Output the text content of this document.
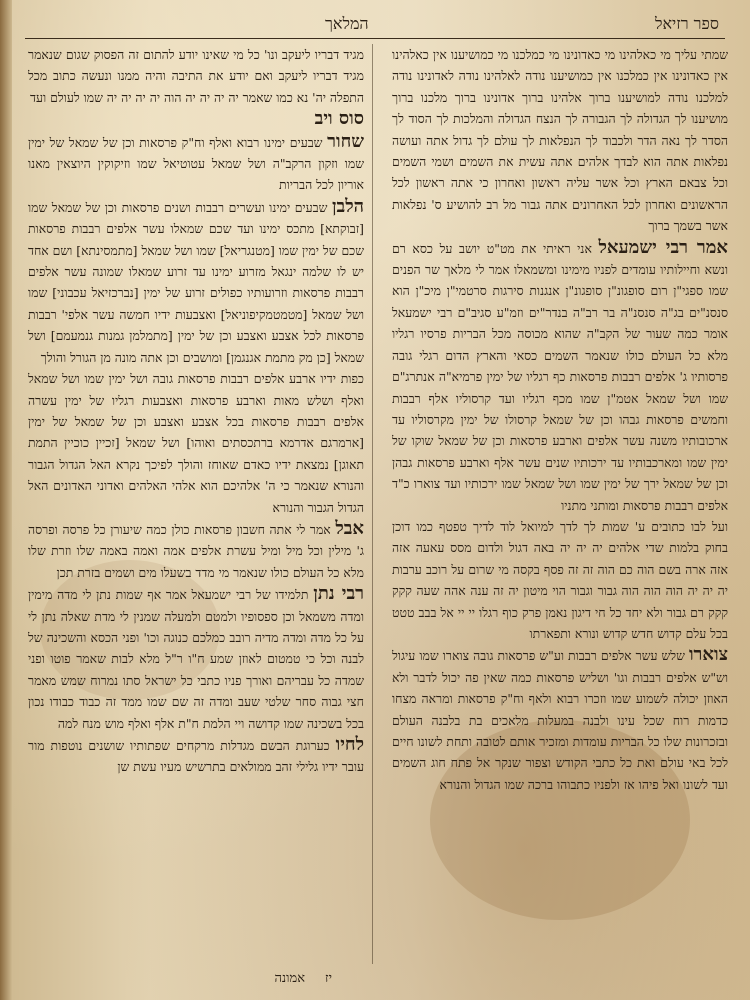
ספר רזיאל
המלאך
שמתי עליך מי כאלהינו מי כאדונינו מי כמלכנו מי כמושיענו אין כאלהינו אין כאדונינו אין כמלכנו אין כמושיענו נודה לאלהינו נודה לאדונינו נודה למלכנו נודה למושיענו ברוך אלהינו ברוך אדונינו ברוך מלכנו ברוך מושיענו לך הגדולה לך הגבורה לך הנצח הגדולה והמלכות לך הסוד לך הסדר לך נאה הדר ולכבוד לך הנפלאות לך עולם לך גדול אתה ועושה נפלאות אתה הוא לבדך אלהים אתה עשית את השמים ושמי השמים וכל צבאם הארץ וכל אשר עליה ראשון ואחרון כי אתה ראשון לכל הראשונים ואחרון לכל האחרונים אתה גבור מל רב להושיע ס' נפלאות אשר בשמך ברוך
אמר רבי ישמעאל אני ראיתי את מט"ט יושב על כסא רם ונשא וחיילותיו עומדים לפניו מימינו ומשמאלו אמר לי מלאך שר הפנים שמו ספגי"ן רום סופגונ"ן סופגונ"ן אנגנות סירגות סרטמי"ן מיכ"ן הוא סנסנ"ים בג"ה סנסנ"ה בר רב"ה בנדר"ים וזמ"ע סגיב"ם רבי ישמעאל אומר כמה שעור של הקב"ה שהוא מכוסה מכל הבריות פרסיו רגליו מלא כל העולם כולו שנאמר השמים כסאי והארץ הדום רגלי גובה פרסותיו ג' אלפים רבבות פרסאות כף רגליו של ימין פרמיא"ה אנתרג"ם שמו ושל שמאל אטמ"ן שמו מכף רגליו ועד קרסוליו אלף רבבות וחמשים פרסאות גבהו וכן של שמאל קרסולו של ימין מקרסוליו עד ארכובותיו משנה עשר אלפים וארבע פרסאות וכן של שמאל שוקו של ימין שמו ומארכבותיו עד ירכותיו שנים עשר אלף וארבע פרסאות גבהן וכן של שמאל ירך של ימין שמו ושל שמאל שמו ירכותיו ועד צוארו כ"ד אלפים רבבות פרסאות ומותני מתניו
ועל לבו כתובים ע' שמות לך לדך למיואל לוד לדיך טפטף כמו דוכן בחוק בלמות שדי אלהים יה יה יה באה דגול ולדום מסס עאעה אזה אזה ארה בשם הוה כם הוה זה זה פסף בקסה מי שרום על רוכב ערבות יה יה יה הוה הוה הוה גבור וגבור הוי מיטון יה זה ענה אהה שעה קקק קקק רם גבור ולא יחד כל חי דיגון נאמן פרק כוף רגלו יי יי אל בבב טטט בכל עלם קדוש חדש קדוש ונורא ותפארתו
צוארו שלש עשר אלפים רבבות וע"ש פרסאות גובה צוארו שמו עיגול וש"ש אלפים רבבות וגו' ושליש פרסאות כמה שאין פה יכול לדבר ולא האוזן יכולה לשמוע שמו וזכרו רבוא ולאף וח"ק פרסאות ומראה מצחו כדמות רוח שכל עינו ולבנה במעלות מלאכים בת בלבנה העולם ובזכרונות שלו כל הבריות עומדות ומזכיר אותם לטובה ותחת לשונו חיים לכל באי עולם ואת כל כתבי הקודש וצפור שנקר אל פתח חוג השמים ועד לשונו ואל פיהו אז ולפניו כתבוהו ברכה שמו הגדול והנורא
מגיד דבריו ליעקב ונו' כל מי שאינו יודע להתום זה הפסוק שגום שנאמר מגיד דבריו ליעקב ואם יודע את התיבה והיה ממנו ונעשה כתוב מכל התפלה יה' נא כמו שאמר יה יה יה יה הוה יה יה יה יה שמו לעולם ועד
סוס ויב
שחור שבעים ימינו רבוא ואלף וח"ק פרסאות וכן של שמאל של ימין שמו וזקון הרקב"ה ושל שמאל עטוטיאל שמו וזיקוקין היוצאין מאנו אוריון לכל הבריות
הלבן שבעים ימינו ועשרים רבבות ושנים פרסאות וכן של שמאל שמו [זבוקתא] מתכס ימינו ועד שכם שמאלו עשר אלפים רבבות פרסאות שכם של ימין שמו [מטנגריאל] שמו ושל שמאל [מתמסינתא] ושם אחד יש לו שלמה ינגאל מזרוע ימינו עד זרוע שמאלו שמונה עשר אלפים רבבות פרסאות וזרועותיו כפולים זרוע של ימין [נברכזיאל עכבוני] שמו ושל שמאל [מטמטמקיפוניאל] ואצבעות ידיו חמשה עשר אלפי' רבבות פרסאות לכל אצבע ואצבע וכן של ימין [מתמלמן גמנות גנמעמם] ושל שמאל [כן מק מתמת אגנגמן] ומושבים וכן אתה מונה מן הגורל והולך
כפות ידיו ארבע אלפים רבבות פרסאות גובה ושל ימין שמו ושל שמאל ואלף ושלש מאות וארבע פרסאות ואצבעות רגליו של ימין עשרה אלפים רבבות פרסאות בכל אצבע ואצבע וכן של שמאל של ימין [ארמרגם אדרמא ברתכסתים ואוהו] ושל שמאל [זכיין כוכיין התמת תאוגן] נמצאת ידיו כאדם שאוחז והולך לפיכך נקרא האל הגדול הגבור והנורא שנאמר כי ה' אלהיכם הוא אלהי האלהים ואדוני האדונים האל הגדול הגבור והנורא
אבל אמר לי אתה חשבון פרסאות כולן כמה שיעורן כל פרסה ופרסה ג' מילין וכל מיל ומיל עשרת אלפים אמה ואמה באמה שלו וזרת שלו מלא כל העולם כולו שנאמר מי מדד בשעלו מים ושמים בזרת תכן
רבי נתן תלמידו של רבי ישמעאל אמר אף שמות נתן לי מדה מימין ומדה משמאל וכן ספסופיו ולמטם ולמעלה שמנין לי מדת שאלה נתן לי על כל מדה ומדה מדיה רובב כמלכם כנוגה וכו' ופני הכסא והשכינה של לבנה וכל כי טמטום לאוזן שמע ח"ו ר"ל מלא לבות שאמר פוטו ופני שמדה כל עבריהם ואורך פניו כתבי כל ישראל סתו נמרוח שמש מאמר חצי גבוה סחר שלטי שעב ומדה זה שם שמו ממד זה כבוד כבודו נכון בכל בשכינה שמו קדושה ויי הלמת ח"ת אלף ואלף מוש מנח למה
לחיו כערוגת הבשם מגדלות מרקחים שפתותיו שושנים נוטפות מור עובר ידיו גלילי זהב ממולאים בתרשיש מעיו עשת שן
יז
אמונה
